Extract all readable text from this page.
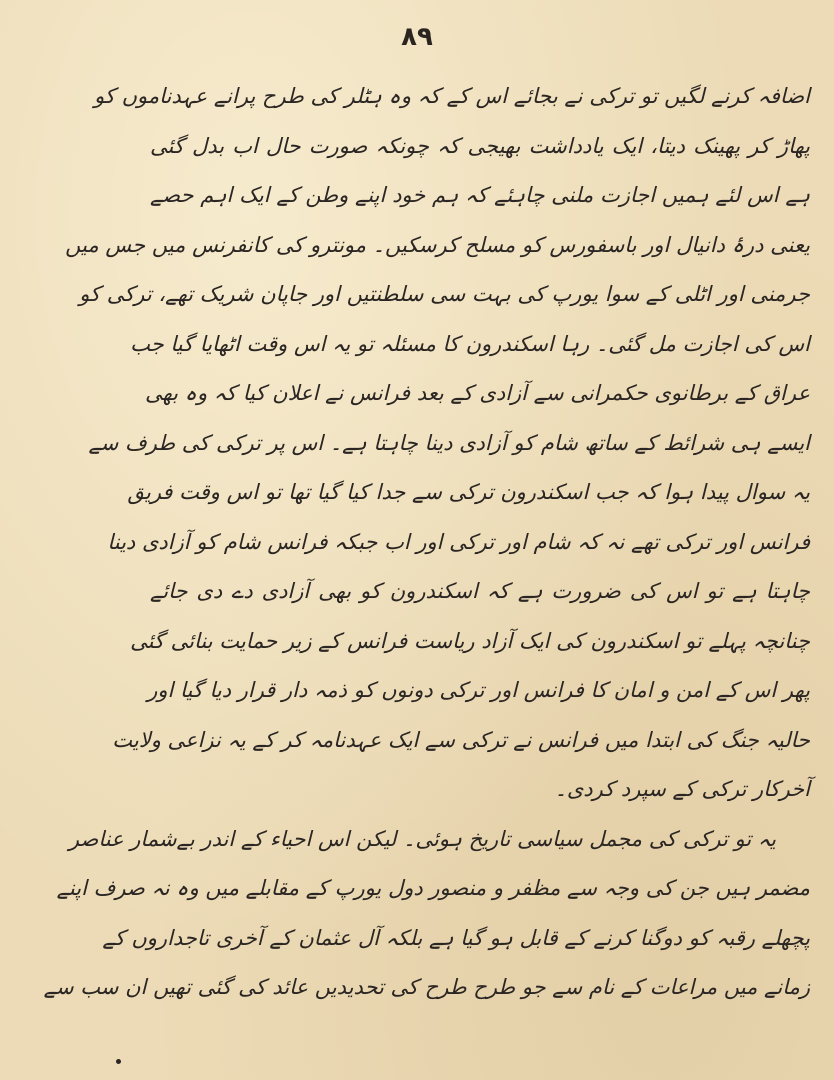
۸۹
اضافہ کرنے لگیں تو ترکی نے بجائے اس کے کہ وہ ہٹلر کی طرح پرانے عہدناموں کو
پھاڑ کر پھینک دیتا، ایک یادداشت بھیجی کہ چونکہ صورت حال اب بدل گئی
ہے اس لئے ہمیں اجازت ملنی چاہئے کہ ہم خود اپنے وطن کے ایک اہم حصے
یعنی درۂ دانیال اور باسفورس کو مسلح کرسکیں۔ مونترو کی کانفرنس میں جس میں
جرمنی اور اٹلی کے سوا یورپ کی بہت سی سلطنتیں اور جاپان شریک تھے، ترکی کو
اس کی اجازت مل گئی۔ رہا اسکندرون کا مسئلہ تو یہ اس وقت اٹھایا گیا جب
عراق کے برطانوی حکمرانی سے آزادی کے بعد فرانس نے اعلان کیا کہ وہ بھی
ایسے ہی شرائط کے ساتھ شام کو آزادی دینا چاہتا ہے۔ اس پر ترکی کی طرف سے
یہ سوال پیدا ہوا کہ جب اسکندرون ترکی سے جدا کیا گیا تھا تو اس وقت فریق
فرانس اور ترکی تھے نہ کہ شام اور ترکی اور اب جبکہ فرانس شام کو آزادی دینا
چاہتا ہے تو اس کی ضرورت ہے کہ اسکندرون کو بھی آزادی دے دی جائے
چنانچہ پہلے تو اسکندرون کی ایک آزاد ریاست فرانس کے زیر حمایت بنائی گئی
پھر اس کے امن و امان کا فرانس اور ترکی دونوں کو ذمہ دار قرار دیا گیا اور
حالیہ جنگ کی ابتدا میں فرانس نے ترکی سے ایک عہدنامہ کر کے یہ نزاعی ولایت
آخرکار ترکی کے سپرد کردی۔
یہ تو ترکی کی مجمل سیاسی تاریخ ہوئی۔ لیکن اس احیاء کے اندر بےشمار عناصر
مضمر ہیں جن کی وجہ سے مظفر و منصور دول یورپ کے مقابلے میں وہ نہ صرف اپنے
پچھلے رقبہ کو دوگنا کرنے کے قابل ہو گیا ہے بلکہ آل عثمان کے آخری تاجداروں کے
زمانے میں مراعات کے نام سے جو طرح طرح کی تحدیدیں عائد کی گئی تھیں ان سب سے
